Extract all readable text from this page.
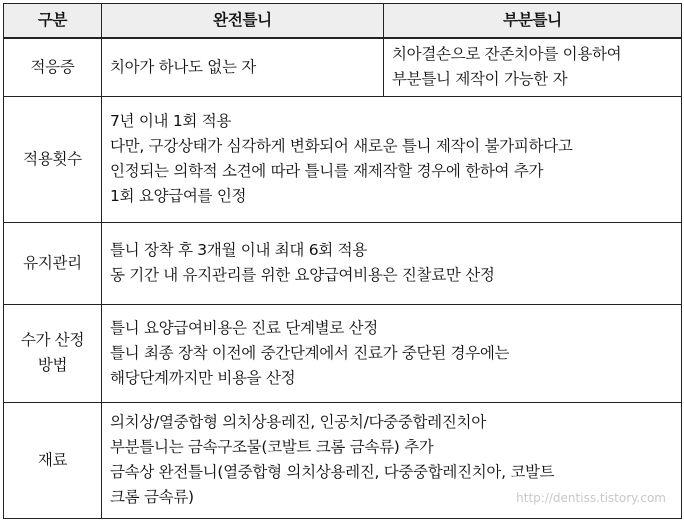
구분	완전틀니	부분틀니

적응증	치아가 하나도 없는 자	치아결손으로 잔존치아를 이용하여
부분틀니 제작이 가능한 자

적용횟수	7년 이내 1회 적용
다만, 구강상태가 심각하게 변화되어 새로운 틀니 제작이 불가피하다고
인정되는 의학적 소견에 따라 틀니를 재제작할 경우에 한하여 추가
1회 요양급여를 인정	

유지관리	틀니 장착 후 3개월 이내 최대 6회 적용
동 기간 내 유지관리를 위한 요양급여비용은 진찰료만 산정	

수가 산정
방법	틀니 요양급여비용은 진료 단계별로 산정
틀니 최종 장착 이전에 중간단계에서 진료가 중단된 경우에는
해당단계까지만 비용을 산정	

재료	의치상/열중합형 의치상용레진, 인공치/다중중합레진치아
부분틀니는 금속구조물(코발트 크롬 금속류) 추가
금속상 완전틀니(열중합형 의치상용레진, 다중중합레진치아, 코발트
크롬 금속류)		http://dentiss.tistory.com
